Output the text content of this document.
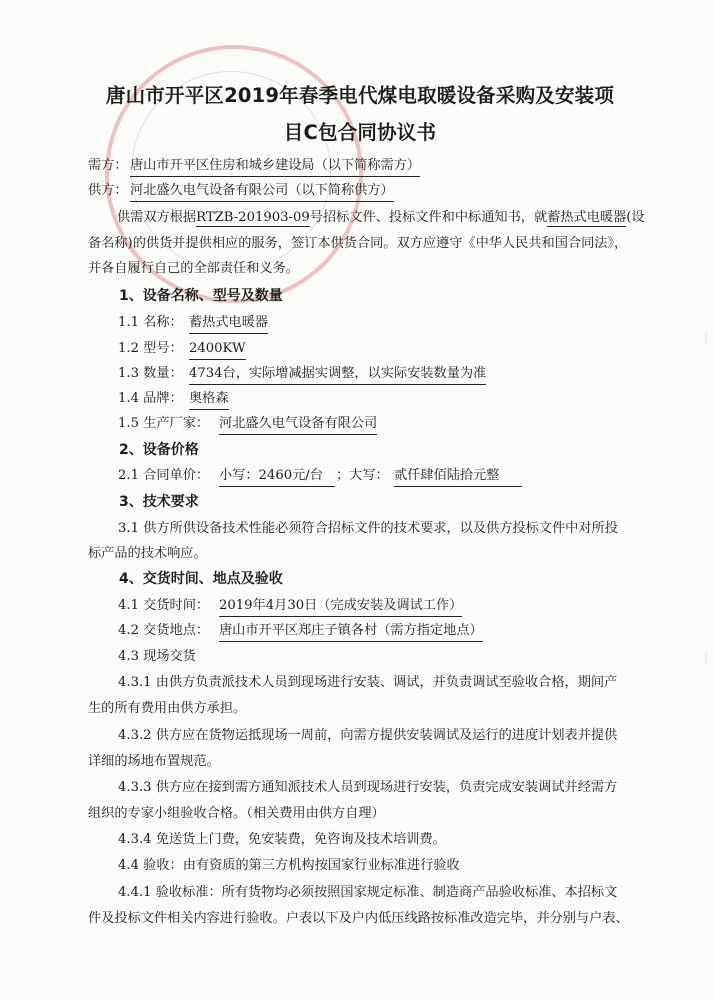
唐山市开平区2019年春季电代煤电取暖设备采购及安装项
目C包合同协议书
需方： 唐山市开平区住房和城乡建设局（以下简称需方）
供方： 河北盛久电气设备有限公司（以下简称供方）
供需双方根据RTZB-201903-09号招标文件、投标文件和中标通知书，就蓄热式电暖器(设
备名称)的供货并提供相应的服务，签订本供货合同。双方应遵守《中华人民共和国合同法》，
并各自履行自己的全部责任和义务。
1、设备名称、型号及数量
1.1 名称： 蓄热式电暖器
1.2 型号： 2400KW
1.3 数量： 4734台，实际增减据实调整，以实际安装数量为准
1.4 品牌： 奥格森
1.5 生产厂家： 河北盛久电气设备有限公司
2、设备价格
2.1 合同单价： 小写：2460元/台 ；大写： 贰仟肆佰陆拾元整
3、技术要求
3.1 供方所供设备技术性能必须符合招标文件的技术要求，以及供方投标文件中对所投
标产品的技术响应。
4、交货时间、地点及验收
4.1 交货时间： 2019年4月30日（完成安装及调试工作）
4.2 交货地点： 唐山市开平区郑庄子镇各村（需方指定地点）
4.3 现场交货
4.3.1 由供方负责派技术人员到现场进行安装、调试，并负责调试至验收合格，期间产
生的所有费用由供方承担。
4.3.2 供方应在货物运抵现场一周前，向需方提供安装调试及运行的进度计划表并提供
详细的场地布置规范。
4.3.3 供方应在接到需方通知派技术人员到现场进行安装，负责完成安装调试并经需方
组织的专家小组验收合格。（相关费用由供方自理）
4.3.4 免送货上门费，免安装费，免咨询及技术培训费。
4.4 验收：由有资质的第三方机构按国家行业标准进行验收
4.4.1 验收标准：所有货物均必须按照国家规定标准、制造商产品验收标准、本招标文
件及投标文件相关内容进行验收。户表以下及户内低压线路按标准改造完毕，并分别与户表、
｜
｜
